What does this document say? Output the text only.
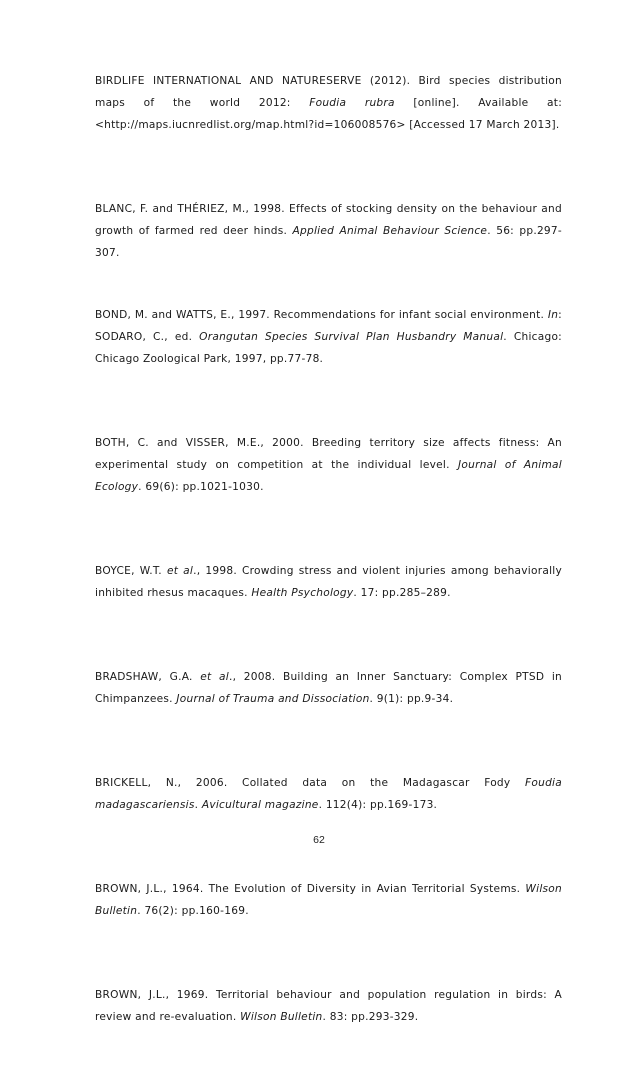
BIRDLIFE INTERNATIONAL AND NATURESERVE (2012). Bird species distribution maps of the world 2012: Foudia rubra [online]. Available at: <http://maps.iucnredlist.org/map.html?id=106008576> [Accessed 17 March 2013].

BLANC, F. and THÉRIEZ, M., 1998. Effects of stocking density on the behaviour and growth of farmed red deer hinds. Applied Animal Behaviour Science. 56: pp.297-307.

BOND, M. and WATTS, E., 1997. Recommendations for infant social environment. In: SODARO, C., ed. Orangutan Species Survival Plan Husbandry Manual. Chicago: Chicago Zoological Park, 1997, pp.77-78.

BOTH, C. and VISSER, M.E., 2000. Breeding territory size affects fitness: An experimental study on competition at the individual level. Journal of Animal Ecology. 69(6): pp.1021-1030.

BOYCE, W.T. et al., 1998. Crowding stress and violent injuries among behaviorally inhibited rhesus macaques. Health Psychology. 17: pp.285–289.

BRADSHAW, G.A. et al., 2008. Building an Inner Sanctuary: Complex PTSD in Chimpanzees. Journal of Trauma and Dissociation. 9(1): pp.9-34.

BRICKELL, N., 2006. Collated data on the Madagascar Fody Foudia madagascariensis. Avicultural magazine. 112(4): pp.169-173.

BROWN, J.L., 1964. The Evolution of Diversity in Avian Territorial Systems. Wilson Bulletin. 76(2): pp.160-169.

BROWN, J.L., 1969. Territorial behaviour and population regulation in birds: A review and re-evaluation. Wilson Bulletin. 83: pp.293-329.

62
